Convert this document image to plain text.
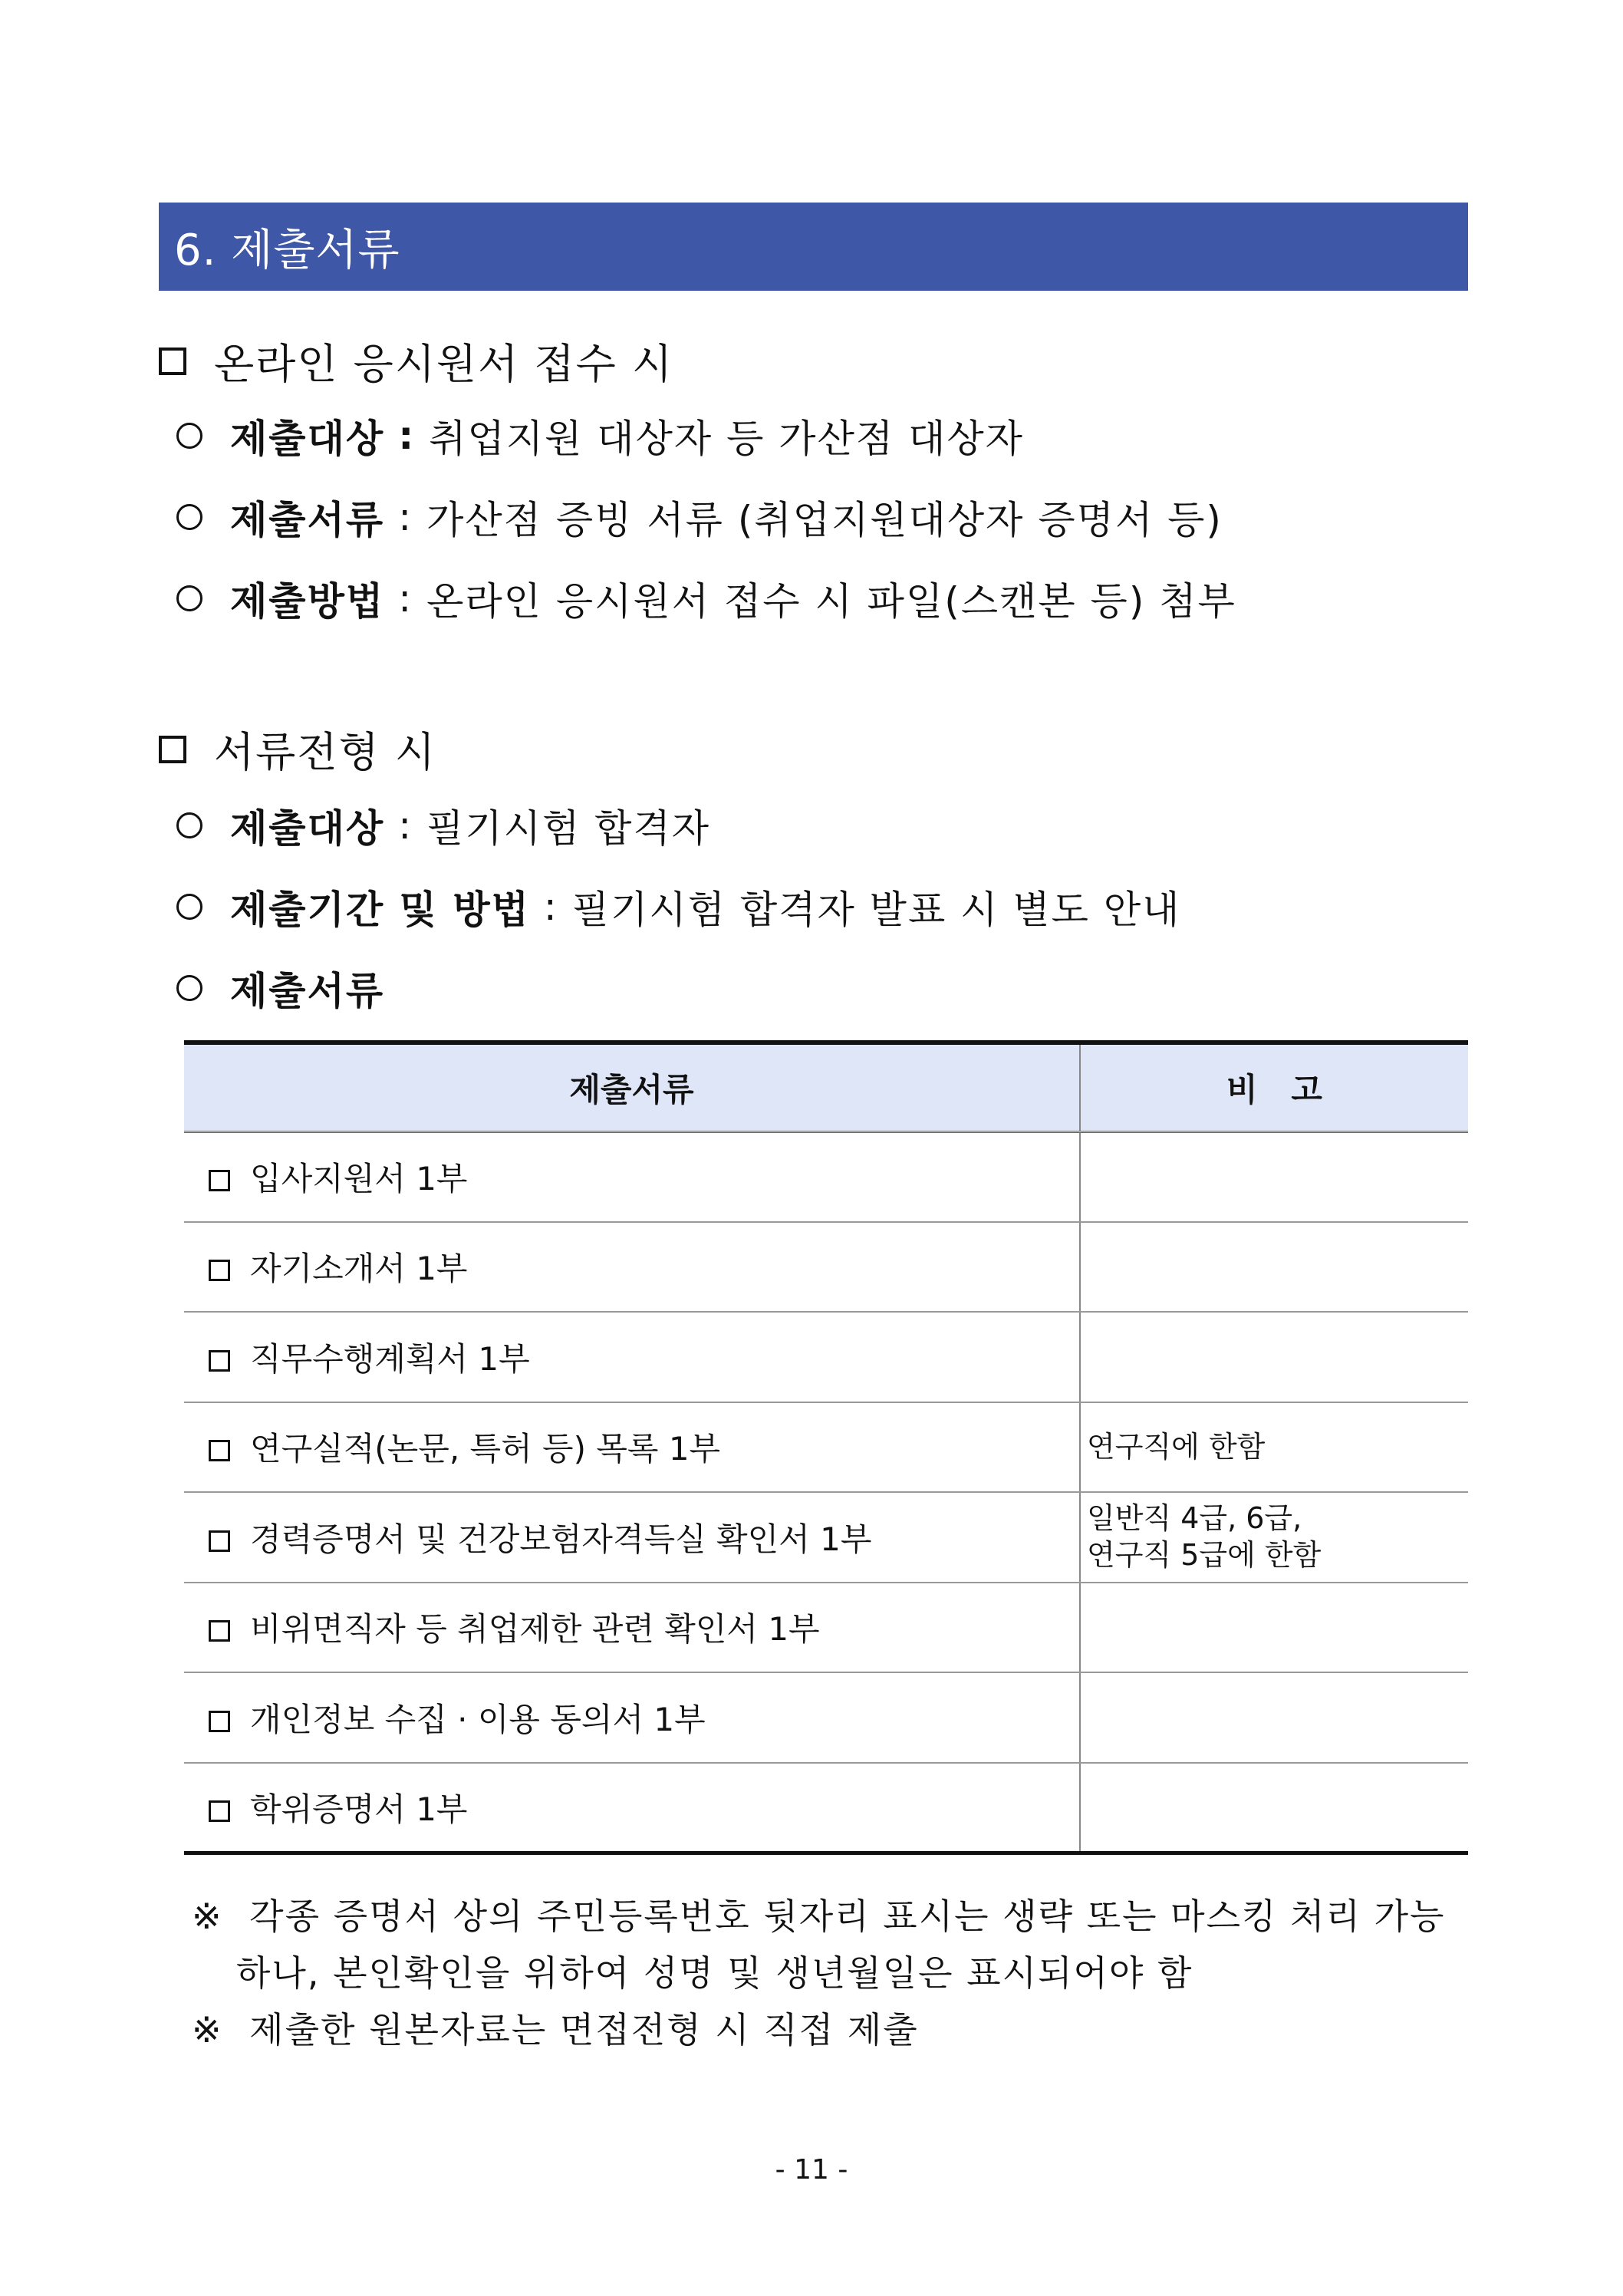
6. 제출서류
온라인 응시원서 접수 시
제출대상 : 취업지원 대상자 등 가산점 대상자
제출서류 : 가산점 증빙 서류 (취업지원대상자 증명서 등)
제출방법 : 온라인 응시원서 접수 시 파일(스캔본 등) 첨부
서류전형 시
제출대상 : 필기시험 합격자
제출기간 및 방법 : 필기시험 합격자 발표 시 별도 안내
제출서류
제출서류	비   고
입사지원서 1부	
자기소개서 1부	
직무수행계획서 1부	
연구실적(논문, 특허 등) 목록 1부	연구직에 한함
경력증명서 및 건강보험자격득실 확인서 1부	일반직 4급, 6급,
연구직 5급에 한함
비위면직자 등 취업제한 관련 확인서 1부	
개인정보 수집 · 이용 동의서 1부	
학위증명서 1부	
※ 각종 증명서 상의 주민등록번호 뒷자리 표시는 생략 또는 마스킹 처리 가능
하나, 본인확인을 위하여 성명 및 생년월일은 표시되어야 함
※ 제출한 원본자료는 면접전형 시 직접 제출
- 11 -
